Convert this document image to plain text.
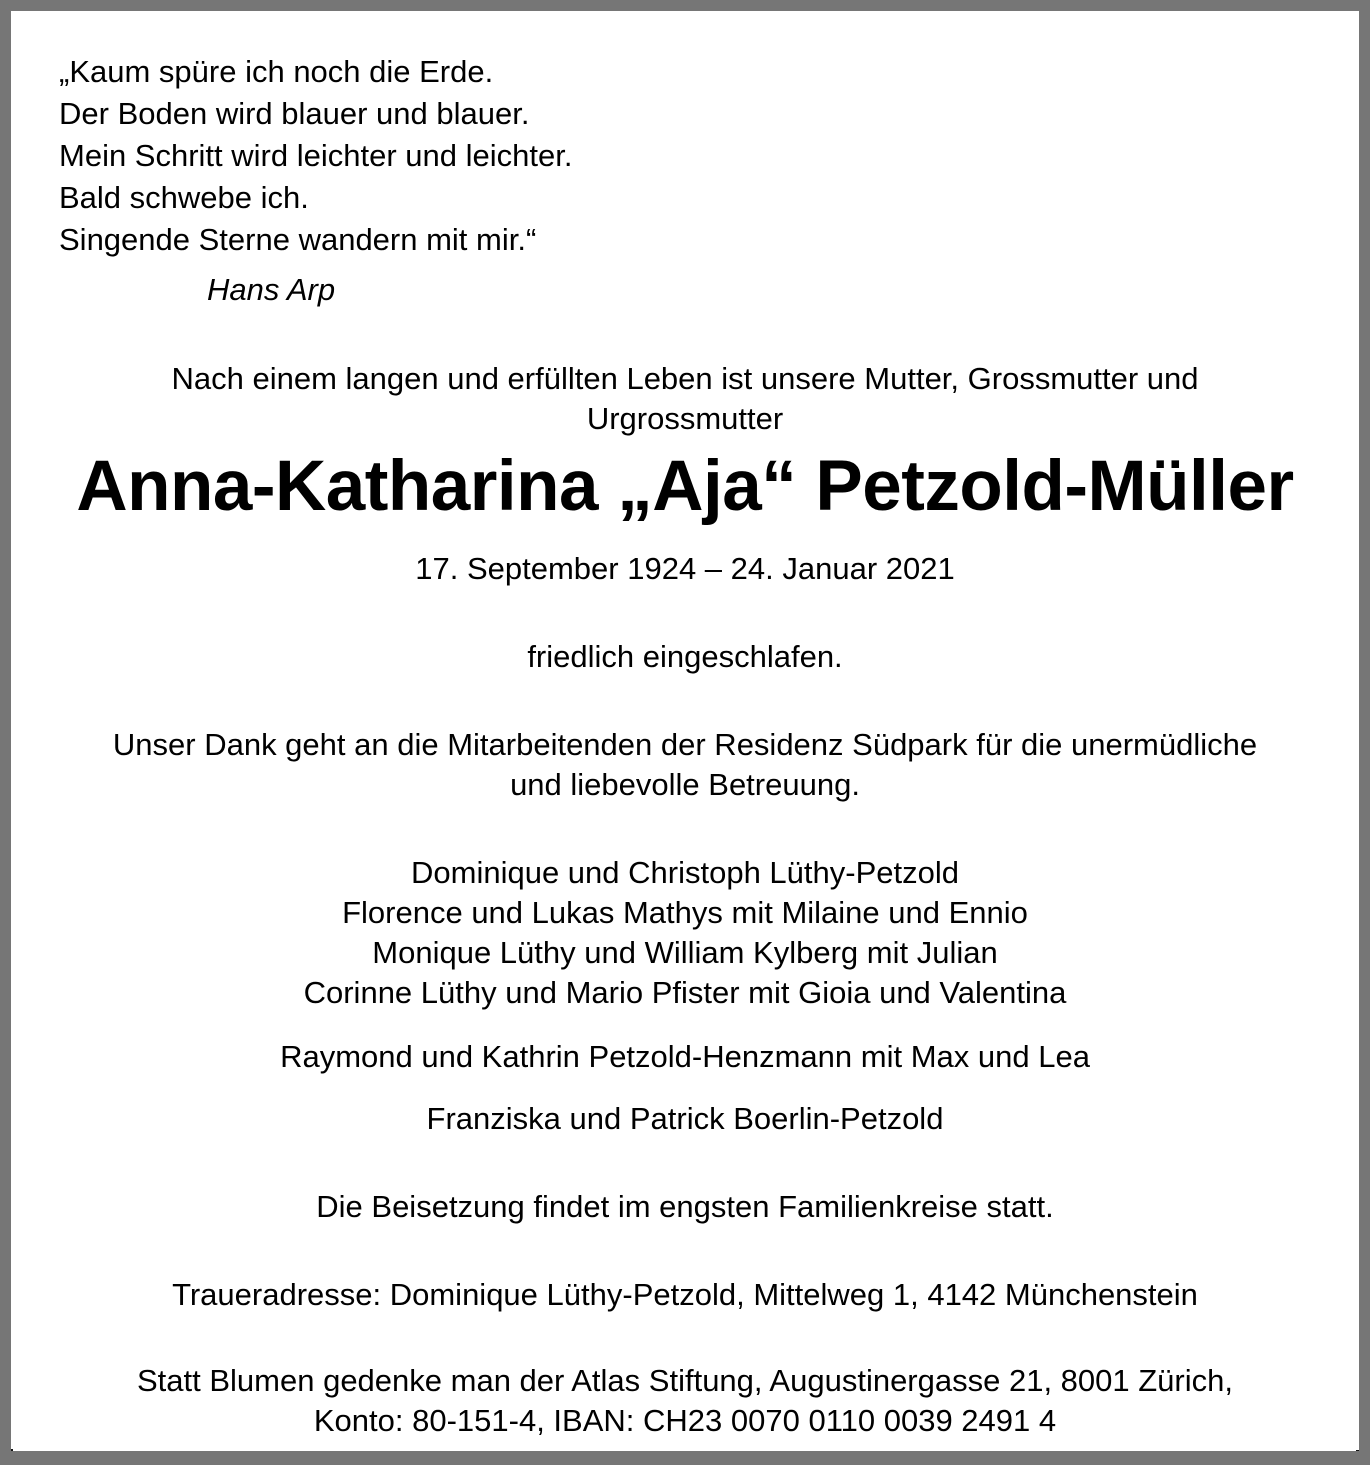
„Kaum spüre ich noch die Erde.
Der Boden wird blauer und blauer.
Mein Schritt wird leichter und leichter.
Bald schwebe ich.
Singende Sterne wandern mit mir.“
Hans Arp
Nach einem langen und erfüllten Leben ist unsere Mutter, Grossmutter und
Urgrossmutter
Anna-Katharina „Aja“ Petzold-Müller
17. September 1924 – 24. Januar 2021
friedlich eingeschlafen.
Unser Dank geht an die Mitarbeitenden der Residenz Südpark für die unermüdliche
und liebevolle Betreuung.
Dominique und Christoph Lüthy-Petzold
Florence und Lukas Mathys mit Milaine und Ennio
Monique Lüthy und William Kylberg mit Julian
Corinne Lüthy und Mario Pfister mit Gioia und Valentina
Raymond und Kathrin Petzold-Henzmann mit Max und Lea
Franziska und Patrick Boerlin-Petzold
Die Beisetzung findet im engsten Familienkreise statt.
Traueradresse: Dominique Lüthy-Petzold, Mittelweg 1, 4142 Münchenstein
Statt Blumen gedenke man der Atlas Stiftung, Augustinergasse 21, 8001 Zürich,
Konto: 80-151-4, IBAN: CH23 0070 0110 0039 2491 4
